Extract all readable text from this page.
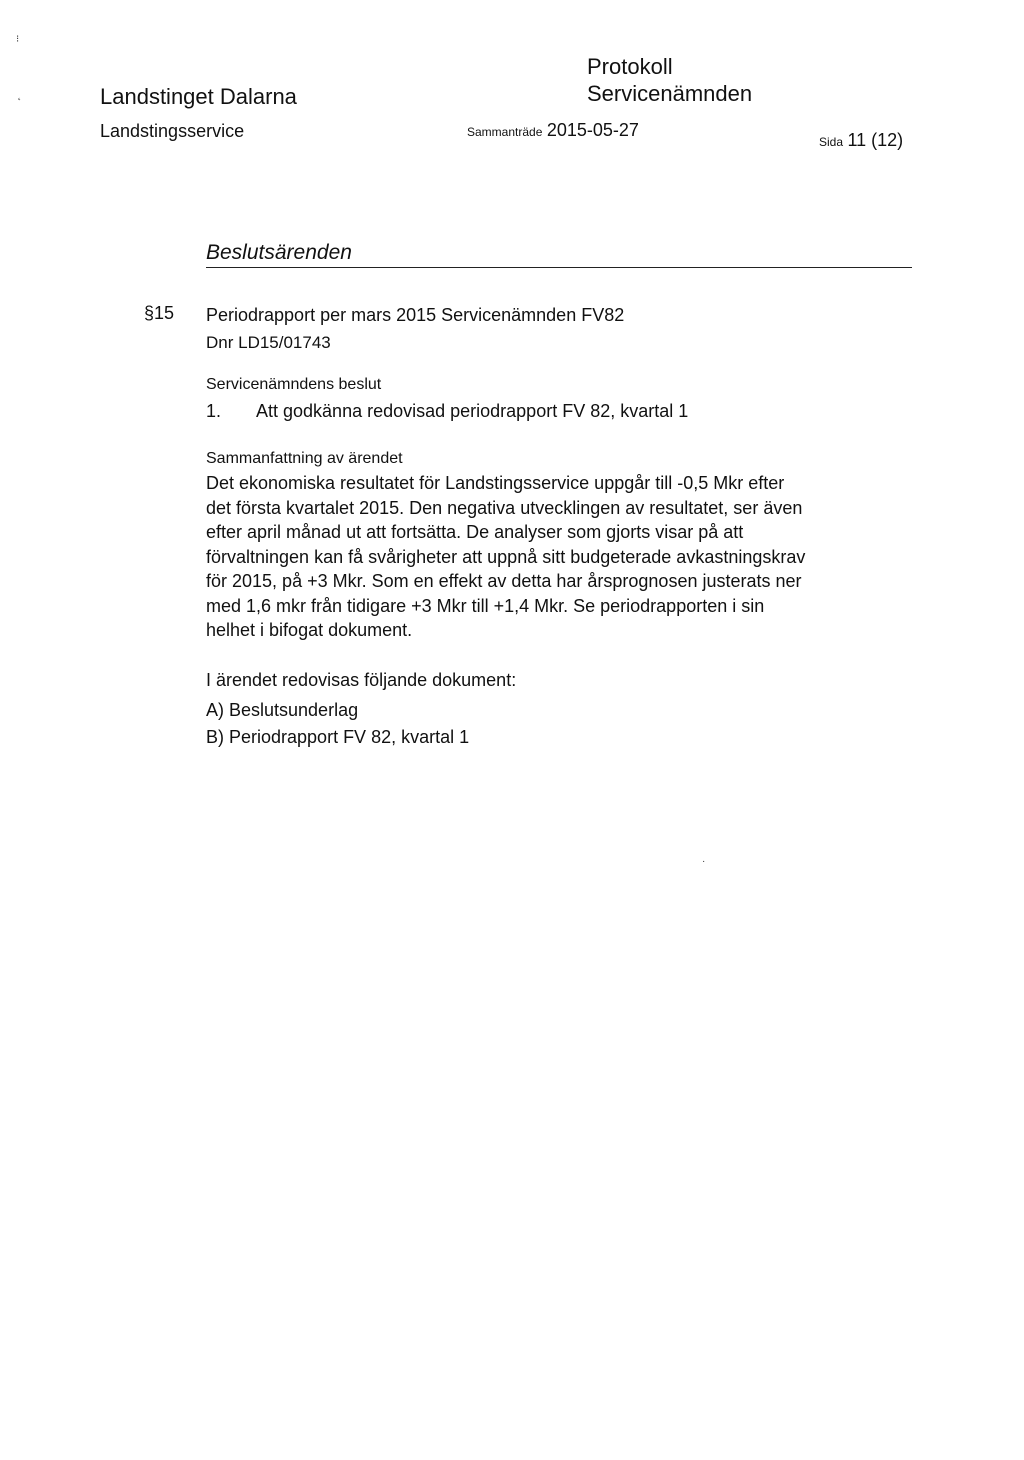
⁝
˛	Landstinget Dalarna
Protokoll
Servicenämnden
Landstingsservice	Sammanträde 2015-05-27
Sida 11 (12)
Beslutsärenden
§15 Periodrapport per mars 2015 Servicenämnden FV82
Dnr LD15/01743
Servicenämndens beslut
1. Att godkänna redovisad periodrapport FV 82, kvartal 1
Sammanfattning av ärendet
Det ekonomiska resultatet för Landstingsservice uppgår till -0,5 Mkr efter
det första kvartalet 2015. Den negativa utvecklingen av resultatet, ser även
efter april månad ut att fortsätta. De analyser som gjorts visar på att
förvaltningen kan få svårigheter att uppnå sitt budgeterade avkastningskrav
för 2015, på +3 Mkr. Som en effekt av detta har årsprognosen justerats ner
med 1,6 mkr från tidigare +3 Mkr till +1,4 Mkr. Se periodrapporten i sin
helhet i bifogat dokument.
I ärendet redovisas följande dokument:
A) Beslutsunderlag
B) Periodrapport FV 82, kvartal 1
·
